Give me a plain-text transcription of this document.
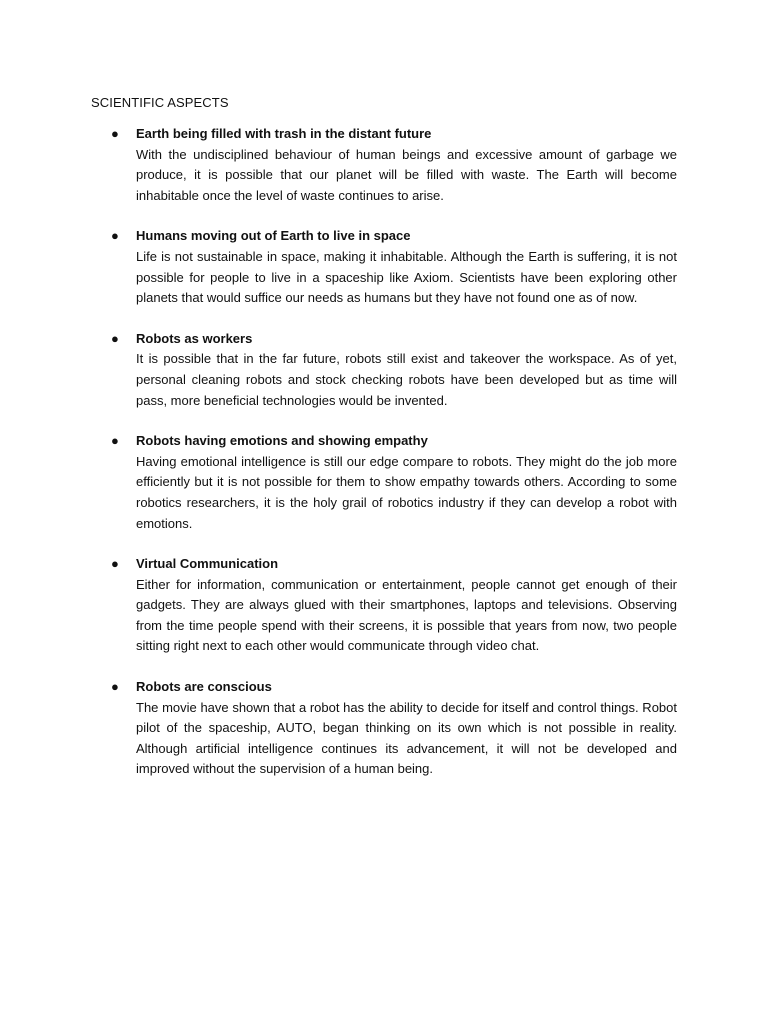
SCIENTIFIC ASPECTS
● Earth being filled with trash in the distant future

With the undisciplined behaviour of human beings and excessive amount of garbage we produce, it is possible that our planet will be filled with waste. The Earth will become inhabitable once the level of waste continues to arise.

● Humans moving out of Earth to live in space

Life is not sustainable in space, making it inhabitable. Although the Earth is suffering, it is not possible for people to live in a spaceship like Axiom. Scientists have been exploring other planets that would suffice our needs as humans but they have not found one as of now.

● Robots as workers

It is possible that in the far future, robots still exist and takeover the workspace. As of yet, personal cleaning robots and stock checking robots have been developed but as time will pass, more beneficial technologies would be invented.

● Robots having emotions and showing empathy

Having emotional intelligence is still our edge compare to robots. They might do the job more efficiently but it is not possible for them to show empathy towards others. According to some robotics researchers, it is the holy grail of robotics industry if they can develop a robot with emotions.

● Virtual Communication

Either for information, communication or entertainment, people cannot get enough of their gadgets. They are always glued with their smartphones, laptops and televisions. Observing from the time people spend with their screens, it is possible that years from now, two people sitting right next to each other would communicate through video chat.

● Robots are conscious

The movie have shown that a robot has the ability to decide for itself and control things. Robot pilot of the spaceship, AUTO, began thinking on its own which is not possible in reality. Although artificial intelligence continues its advancement, it will not be developed and improved without the supervision of a human being.
